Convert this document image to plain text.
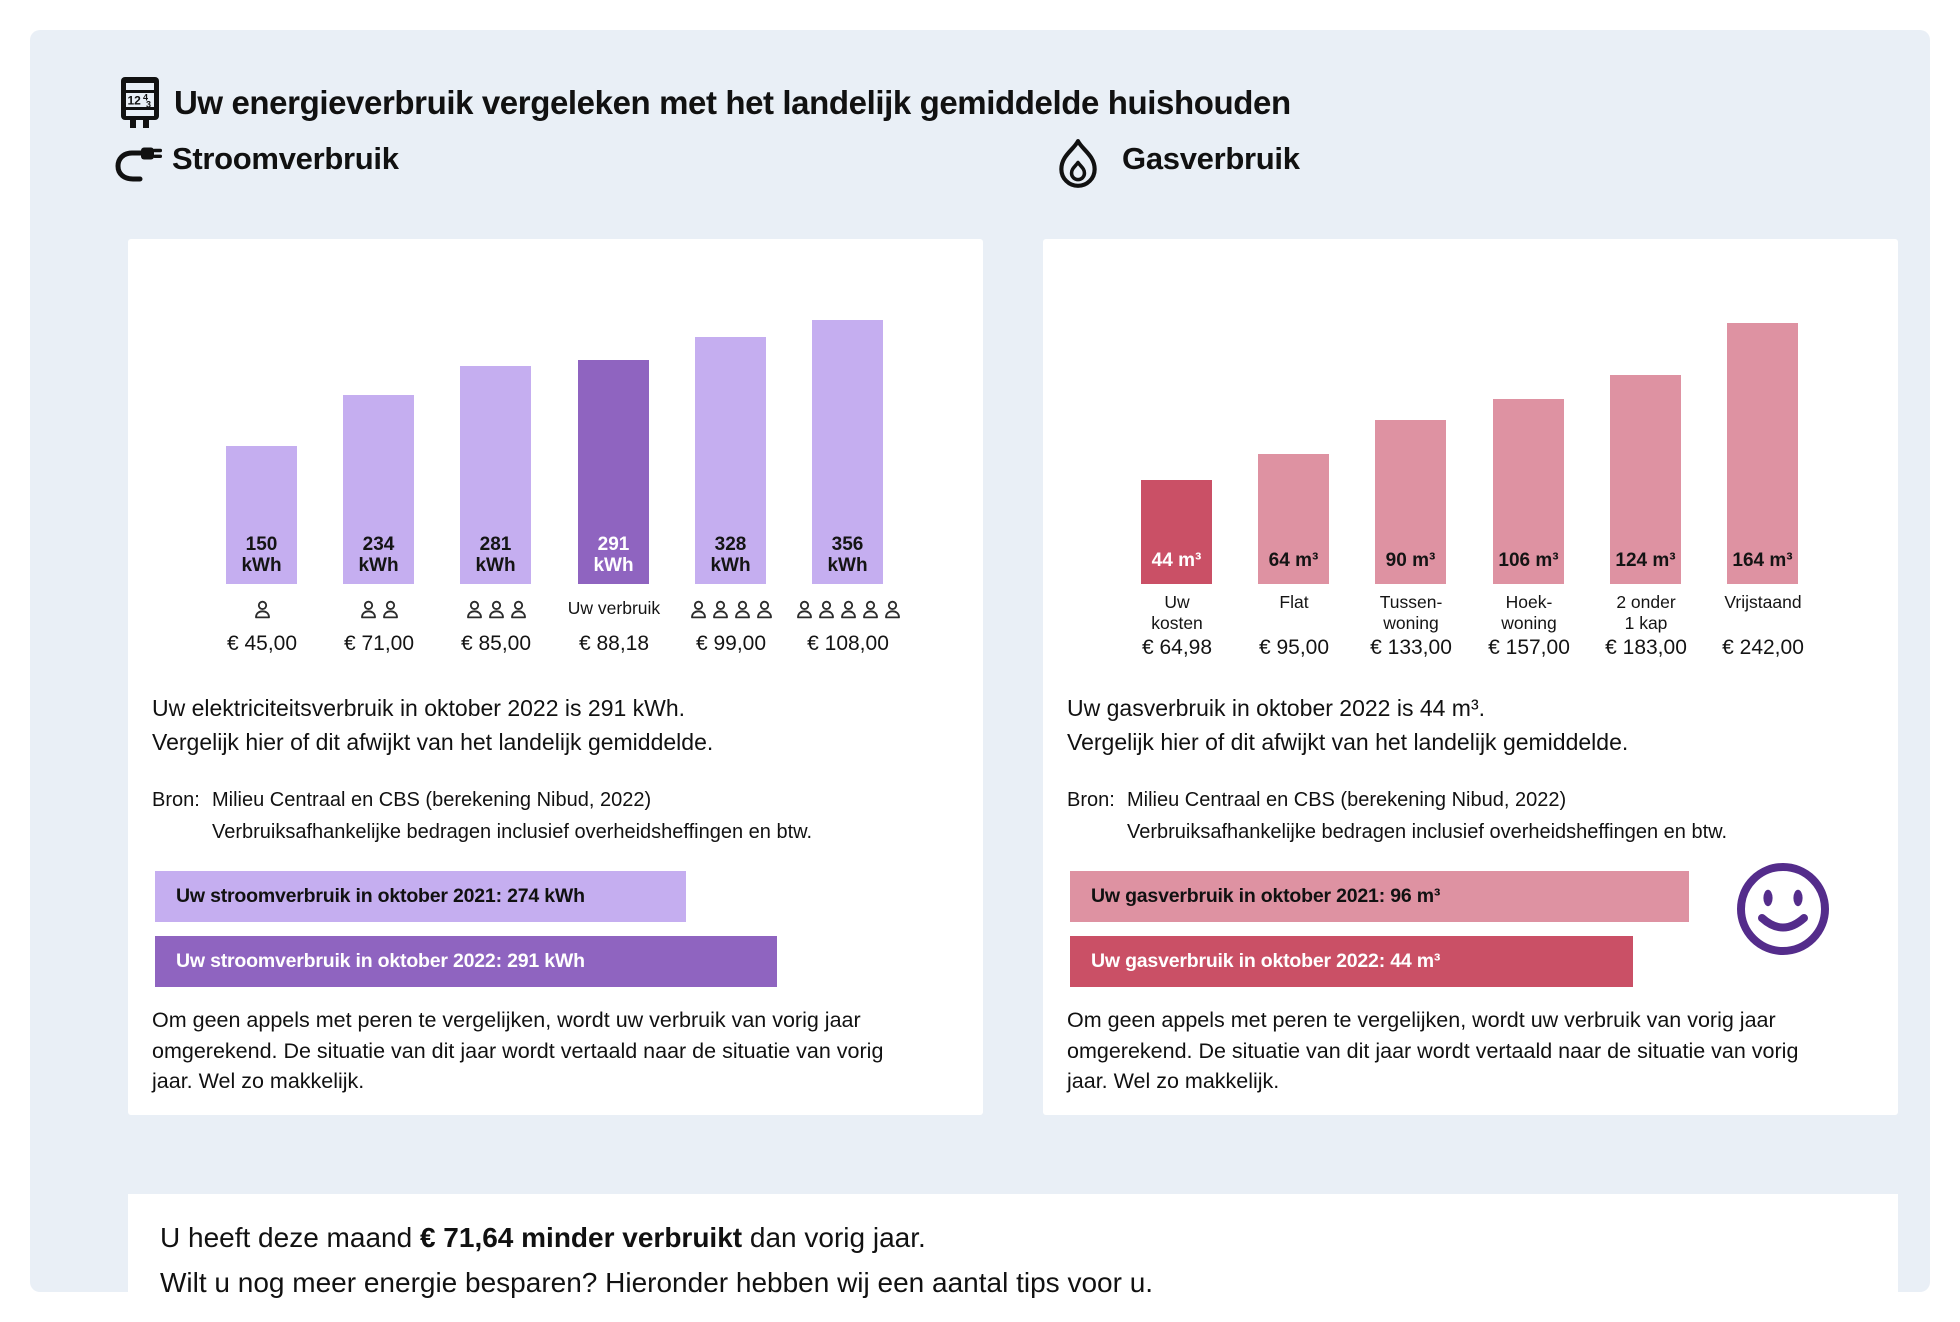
12 4
3 Uw energieverbruik vergeleken met het landelijk gemiddelde huishouden
Stroomverbruik	Gasverbruik
150
kWh
234
kWh
281
kWh
291
kWh
328
kWh
356
kWh
€ 45,00	€ 71,00	€ 85,00
Uw verbruik
€ 88,18	€ 99,00	€ 108,00
Uw elektriciteitsverbruik in oktober 2022 is 291 kWh.
Vergelijk hier of dit afwijkt van het landelijk gemiddelde.
Bron: Milieu Centraal en CBS (berekening Nibud, 2022)
Verbruiksafhankelijke bedragen inclusief overheidsheffingen en btw.
Uw stroomverbruik in oktober 2021: 274 kWh
Uw stroomverbruik in oktober 2022: 291 kWh
Om geen appels met peren te vergelijken, wordt uw verbruik van vorig jaar omgerekend. De situatie van dit jaar wordt vertaald naar de situatie van vorig jaar. Wel zo makkelijk.
44 m³	64 m³	90 m³	106 m³	124 m³	164 m³
Uw
kosten
€ 64,98
Flat
€ 95,00
Tussen-
woning
€ 133,00
Hoek-
woning
€ 157,00
2 onder
1 kap
€ 183,00
Vrijstaand
€ 242,00
Uw gasverbruik in oktober 2022 is 44 m³.
Vergelijk hier of dit afwijkt van het landelijk gemiddelde.
Bron: Milieu Centraal en CBS (berekening Nibud, 2022)
Verbruiksafhankelijke bedragen inclusief overheidsheffingen en btw.
Uw gasverbruik in oktober 2021: 96 m³
Uw gasverbruik in oktober 2022: 44 m³
Om geen appels met peren te vergelijken, wordt uw verbruik van vorig jaar omgerekend. De situatie van dit jaar wordt vertaald naar de situatie van vorig jaar. Wel zo makkelijk.
U heeft deze maand € 71,64 minder verbruikt dan vorig jaar.
Wilt u nog meer energie besparen? Hieronder hebben wij een aantal tips voor u.
